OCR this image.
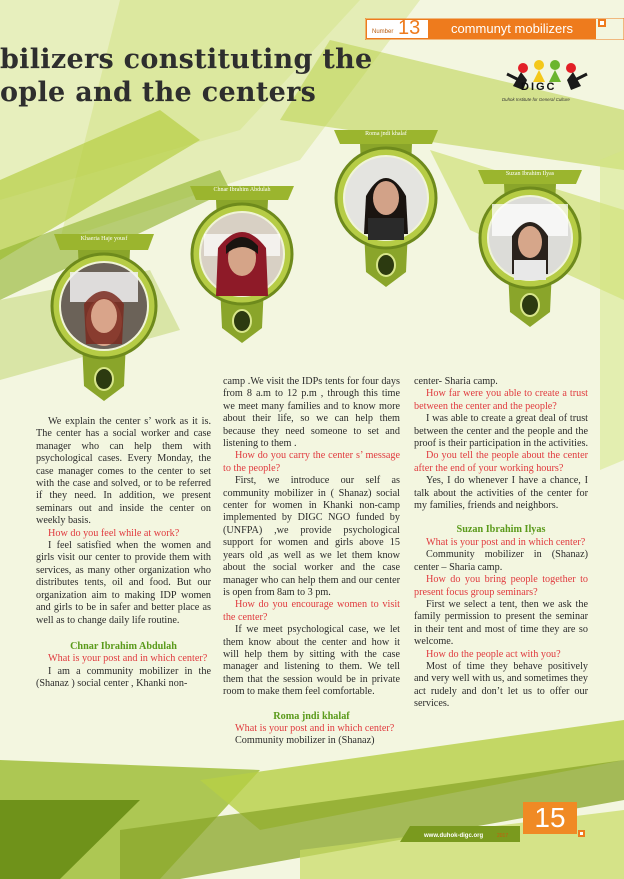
Number 13	communyt mobilizers
bilizers constituting the
ople and the centers	DIGC
Duhok Institute for General Culture
Khaeria Haje yousf
Chnar Ibrahim Abdulah
Roma jndi khalaf
Suzan Ibrahim Ilyas

We explain the center s’ work as it is. The center has a social worker and case manager who can help them with psychological cases. Every Monday, the case manager comes to the center to set with the case and solved, or to be referred if they need. In addition, we present seminars out and inside the center on weekly basis.

How do you feel while at work?

I feel satisfied when the women and girls visit our center to provide them with services, as many other organization who distributes tents, oil and food. But our organization aim to making IDP women and girls to be in safer and better place as well as to change daily life routine.

Chnar Ibrahim Abdulah

What is your post and in which center?

I am a community mobilizer in the (Shanaz ) social center , Khanki non-

camp .We visit the IDPs tents for four days from 8 a.m to 12 p.m , through this time we meet many families and to know more about their life, so we can help them because they need someone to set and listening to them .

How do you carry the center s’ message to the people?

First, we introduce our self as community mobilizer in ( Shanaz) social center for women in Khanki non-camp implemented by DIGC NGO funded by (UNFPA) ,we provide psychological support for women and girls above 15 years old ,as well as we let them know about the social worker and the case manager who can help them and our center is open from 8am to 3 pm.

How do you encourage women to visit the center?

If we meet psychological case, we let them know about the center and how it will help them by sitting with the case manager and listening to them. We tell them that the session would be in private room to make them feel comfortable.

Roma jndi khalaf

What is your post and in which center?

Community mobilizer in (Shanaz)

center- Sharia camp.

How far were you able to create a trust between the center and the people?

I was able to create a great deal of trust between the center and the people and the proof is their participation in the activities.

Do you tell the people about the center after the end of your working hours?

Yes, I do whenever I have a chance, I talk about the activities of the center for my families, friends and neighbors.

Suzan Ibrahim Ilyas

What is your post and in which center?

Community mobilizer in (Shanaz) center – Sharia camp.

How do you bring people together to present focus group seminars?

First we select a tent, then we ask the family permission to present the seminar in their tent and most of time they are so welcome.

How do the people act with you?

Most of time they behave positively and very well with us, and sometimes they act rudely and don’t let us to offer our services.

www.duhok-digc.org	2017
15
